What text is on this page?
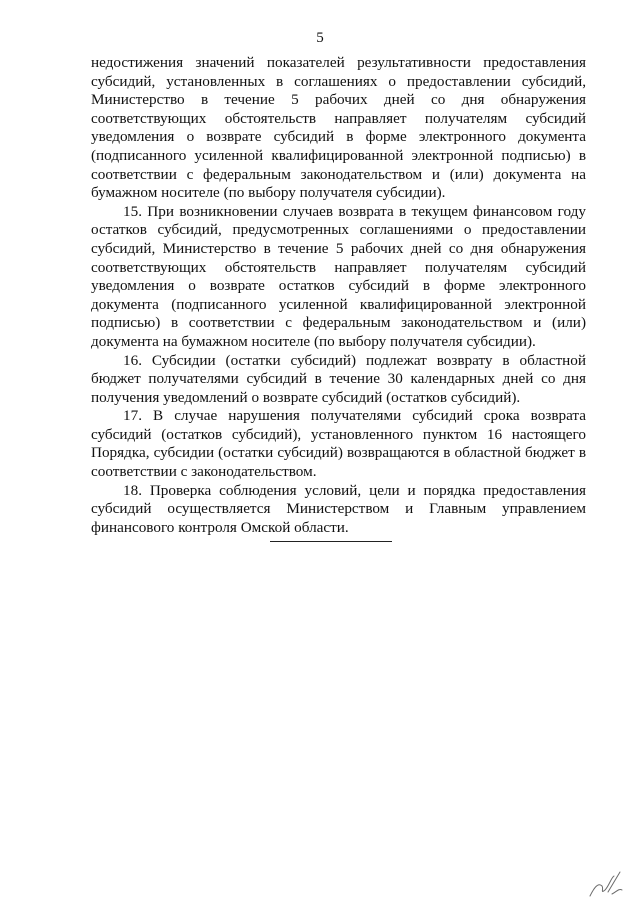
5

недостижения значений показателей результативности предоставления субсидий, установленных в соглашениях о предоставлении субсидий, Министерство в течение 5 рабочих дней со дня обнаружения соответствующих обстоятельств направляет получателям субсидий уведомления о возврате субсидий в форме электронного документа (подписанного усиленной квалифицированной электронной подписью) в соответствии с федеральным законодательством и (или) документа на бумажном носителе (по выбору получателя субсидии).

15. При возникновении случаев возврата в текущем финансовом году остатков субсидий, предусмотренных соглашениями о предоставлении субсидий, Министерство в течение 5 рабочих дней со дня обнаружения соответствующих обстоятельств направляет получателям субсидий уведомления о возврате остатков субсидий в форме электронного документа (подписанного усиленной квалифицированной электронной подписью) в соответствии с федеральным законодательством и (или) документа на бумажном носителе (по выбору получателя субсидии).

16. Субсидии (остатки субсидий) подлежат возврату в областной бюджет получателями субсидий в течение 30 календарных дней со дня получения уведомлений о возврате субсидий (остатков субсидий).

17. В случае нарушения получателями субсидий срока возврата субсидий (остатков субсидий), установленного пунктом 16 настоящего Порядка, субсидии (остатки субсидий) возвращаются в областной бюджет в соответствии с законодательством.

18. Проверка соблюдения условий, цели и порядка предоставления субсидий осуществляется Министерством и Главным управлением финансового контроля Омской области.
